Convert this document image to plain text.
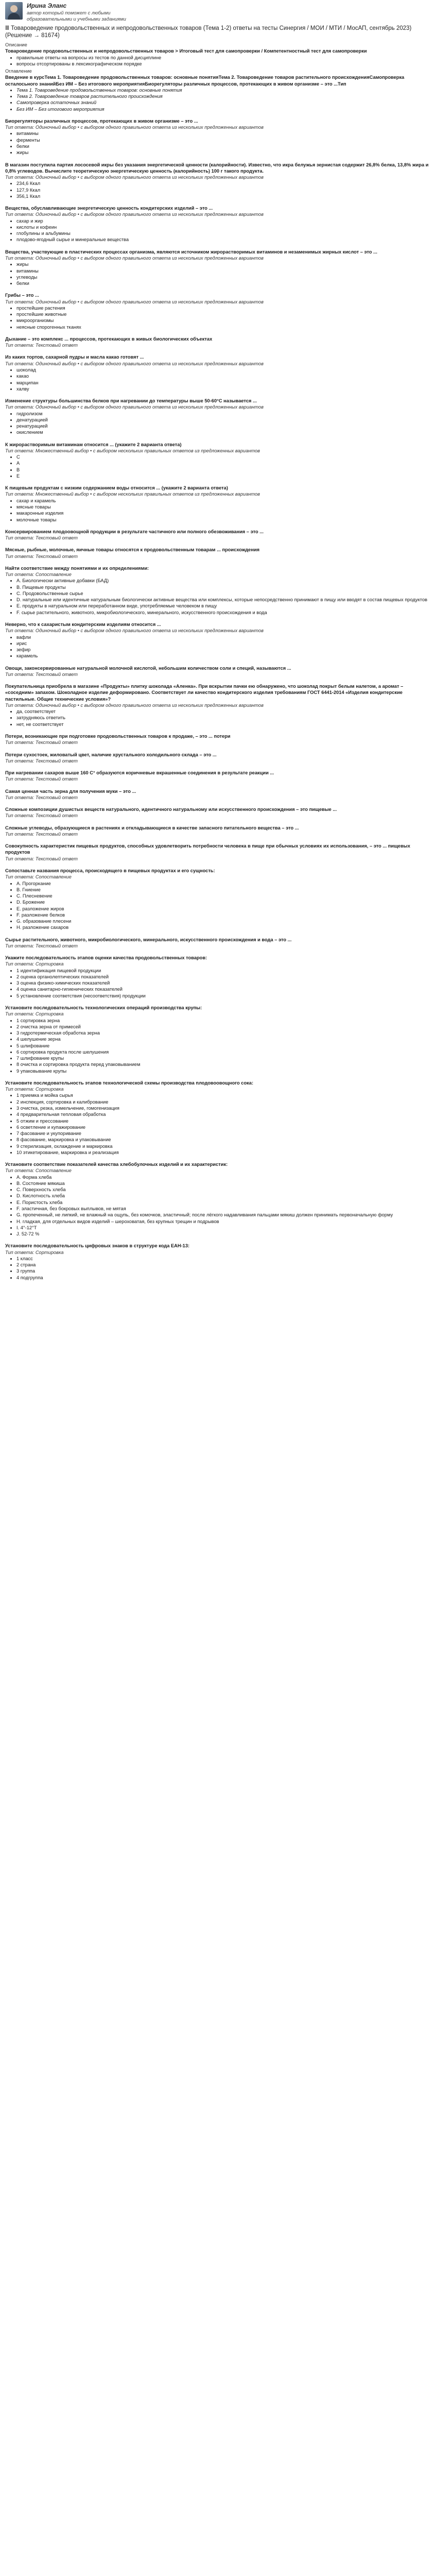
Ирина Эланс
автор который поможет с любыми образовательными и учебными заданиями
Ⅲ Товароведение продовольственных и непродовольственных товаров (Тема 1-2) ответы на тесты Синергия / МОИ / МТИ / МосАП, сентябрь 2023) (Решение → 81674)
Описание
Товароведение продовольственных и непродовольственных товаров > Итоговый тест для самопроверки / Компетентностный тест для самопроверки
• правильные ответы на вопросы из тестов по данной дисциплине
• вопросы отсортированы в лексикографическом порядке
Оглавление
Введение в курсТема 1. Товароведение продовольственных товаров: основные понятияТема 2. Товароведение товаров растительного происхожденияСамопроверка осталосьного знанийБез ИМ – Без итогового мероприятияБиорегуляторы различных процессов, протекающих в живом организме – это ...Тип
• Тема 1. Товароведение продовольственных товаров: основные понятия
• Тема 2. Товароведение товаров растительного происхождения
• Самопроверка остаточных знаний
• Без ИМ – Без итогового мероприятия
Биорегуляторы различных процессов, протекающих в живом организме – это ...
Тип ответа: Одиночный выбор • с выбором одного правильного ответа из нескольких предложенных вариантов
• витамины
• ферменты
• белки
• жиры
В магазин поступила партия лососевой икры без указания энергетической ценности (калорийности). Известно, что икра белужья зернистая содержит 26,8% белка, 13,8% жира и 0,8% углеводов. Вычислите теоретическую энергетическую ценность (калорийность) 100 г такого продукта.
Тип ответа: Одиночный выбор • с выбором одного правильного ответа из нескольких предложенных вариантов
• 234,6 Ккал
• 127,9 Ккал
• 356,1 Ккал
Вещества, обуславливающие энергетическую ценность кондитерских изделий – это ...
Тип ответа: Одиночный выбор • с выбором одного правильного ответа из нескольких предложенных вариантов
• сахар и жир
• кислоты и кофеин
• глобулины и альбумины
• плодово-ягодный сырье и минеральные вещества
Вещества, участвующие в пластических процессах организма, являются источником жирорастворимых витаминов и незаменимых жирных кислот – это ...
Тип ответа: Одиночный выбор • с выбором одного правильного ответа из нескольких предложенных вариантов
• жиры
• витамины
• углеводы
• белки
Грибы – это ...
Тип ответа: Одиночный выбор • с выбором одного правильного ответа из нескольких предложенных вариантов
• простейшие растения
• простейшие животные
• микроорганизмы
• неясные спорогенных тканях
Дыхание – это комплекс ... процессов, протекающих в живых биологических объектах
Тип ответа: Текстовый ответ
Из каких тортов, сахарной пудры и масла какао готовят ...
Тип ответа: Одиночный выбор • с выбором одного правильного ответа из нескольких предложенных вариантов
• шоколад
• какао
• марципан
• халву
Изменение структуры большинства белков при нагревании до температуры выше 50-60°С называется ...
Тип ответа: Одиночный выбор • с выбором одного правильного ответа из нескольких предложенных вариантов
• гидролизом
• денатурацией
• ренатурацией
• окислением
К жирорастворимым витаминам относится ... (укажите 2 варианта ответа)
Тип ответа: Множественный выбор • с выбором нескольких правильных ответов из предложенных вариантов
• С
• А
• В
• Е
К пищевым продуктам с низким содержанием воды относится ... (укажите 2 варианта ответа)
Тип ответа: Множественный выбор • с выбором нескольких правильных ответов из предложенных вариантов
• сахар и карамель
• мясные товары
• макаронные изделия
• молочные товары
Консервированием плодоовощной продукции в результате частичного или полного обезвоживания – это ...
Тип ответа: Текстовый ответ
Мясные, рыбные, молочные, яичные товары относятся к продовольственным товарам ... происхождения
Тип ответа: Текстовый ответ
Найти соответствие между понятиями и их определениями:
Тип ответа: Сопоставление
• A. Биологически активные добавки (БАД)
• B. Пищевые продукты
• C. Продовольственные сырье
• D. натуральные или идентичные натуральным биологически активные вещества или комплексы, которые непосредственно принимают в пищу или вводят в состав пищевых продуктов
• E. продукты в натуральном или переработанном виде, употребляемые человеком в пищу
• F. сырье растительного, животного, микробиологического, минерального, искусственного происхождения и вода
Неверно, что к сахаристым кондитерским изделиям относится ...
Тип ответа: Одиночный выбор • с выбором одного правильного ответа из нескольких предложенных вариантов
• вафли
• ирис
• зефир
• карамель
Овощи, законсервированные натуральной молочной кислотой, небольшим количеством соли и специй, называются ...
Тип ответа: Текстовый ответ
Покупательница приобрела в магазине «Продукты» плитку шоколада «Аленка». При вскрытии пачки ею обнаружено, что шоколад покрыт белым налетом, а аромат – «соседним» запахом. Шоколадное изделие деформировано. Соответствует ли качество кондитерского изделия требованиям ГОСТ 6441-2014 «Изделия кондитерские пастильные. Общие технические условия»?
Тип ответа: Одиночный выбор • с выбором одного правильного ответа из нескольких предложенных вариантов
• да, соответствует
• затрудняюсь ответить
• нет, не соответствует
Потери, возникающие при подготовке продовольственных товаров к продаже, – это ... потери
Тип ответа: Текстовый ответ
Потери сухостоек, жиловатый цвет, наличие хрустального холодильного склада – это ...
Тип ответа: Текстовый ответ
При нагревании сахаров выше 160 С° образуются коричневые вкрашенные соединения в результате реакции ...
Тип ответа: Текстовый ответ
Самая ценная часть зерна для получения муки – это ...
Тип ответа: Текстовый ответ
Сложные композиции душистых веществ натурального, идентичного натуральному или искусственного происхождения – это пищевые ...
Тип ответа: Текстовый ответ
Сложные углеводы, образующиеся в растениях и откладывающиеся в качестве запасного питательного вещества – это ...
Тип ответа: Текстовый ответ
Совокупность характеристик пищевых продуктов, способных удовлетворить потребности человека в пище при обычных условиях их использования, – это ... пищевых продуктов
Тип ответа: Текстовый ответ
Сопоставьте названия процесса, происходящего в пищевых продуктах и его сущность:
Тип ответа: Сопоставление
• A. Прогоркание
• B. Гниение
• C. Плесневение
• D. Брожение
• E. разложение жиров
• F. разложение белков
• G. образование плесени
• H. разложение сахаров
Сырье растительного, животного, микробиологического, минерального, искусственного происхождения и вода – это ...
Тип ответа: Текстовый ответ
Укажите последовательность этапов оценки качества продовольственных товаров:
Тип ответа: Сортировка
• 1 идентификация пищевой продукции
• 2 оценка органолептических показателей
• 3 оценка физико-химических показателей
• 4 оценка санитарно-гигиенических показателей
• 5 установление соответствия (несоответствия) продукции
Установите последовательность технологических операций производства крупы:
Тип ответа: Сортировка
• 1 сортировка зерна
• 2 очистка зерна от примесей
• 3 гидротермическая обработка зерна
• 4 шелушение зерна
• 5 шлифование
• 6 сортировка продукта после шелушения
• 7 шлифование крупы
• 8 очистка и сортировка продукта перед упаковыванием
• 9 упаковывание крупы
Установите последовательность этапов технологической схемы производства плодовоовощного сока:
Тип ответа: Сортировка
• 1 приемка и мойка сырья
• 2 инспекция, сортировка и калибрование
• 3 очистка, резка, измельчение, гомогенизация
• 4 предварительная тепловая обработка
• 5 отжим и прессование
• 6 осветление и купажирование
• 7 фасование и укупоривание
• 8 фасование, маркировка и упаковывание
• 9 стерилизация, охлаждение и маркировка
• 10 этикетирование, маркировка и реализация
Установите соответствие показателей качества хлебобулочных изделий и их характеристик:
Тип ответа: Сопоставление
• A. Форма хлеба
• B. Состояние мякиша
• C. Поверхность хлеба
• D. Кислотность хлеба
• E. Пористость хлеба
• F. эластичная, без бокровых выплывов, не мятая
• G. пропеченный, не липкий, не влажный на ощупь, без комочков, эластичный; после лёгкого надавливания пальцами мякиш должен принимать первоначальную форму
• H. гладкая, для отдельных видов изделий – шероховатая, без крупных трещин и подрывов
• I. 4°-12°Т
• J. 52-72 %
Установите последовательность цифровых знаков в структуре кода ЕАН-13:
Тип ответа: Сортировка
• 1 класс
• 2 страна
• 3 группа
• 4 подгруппа
